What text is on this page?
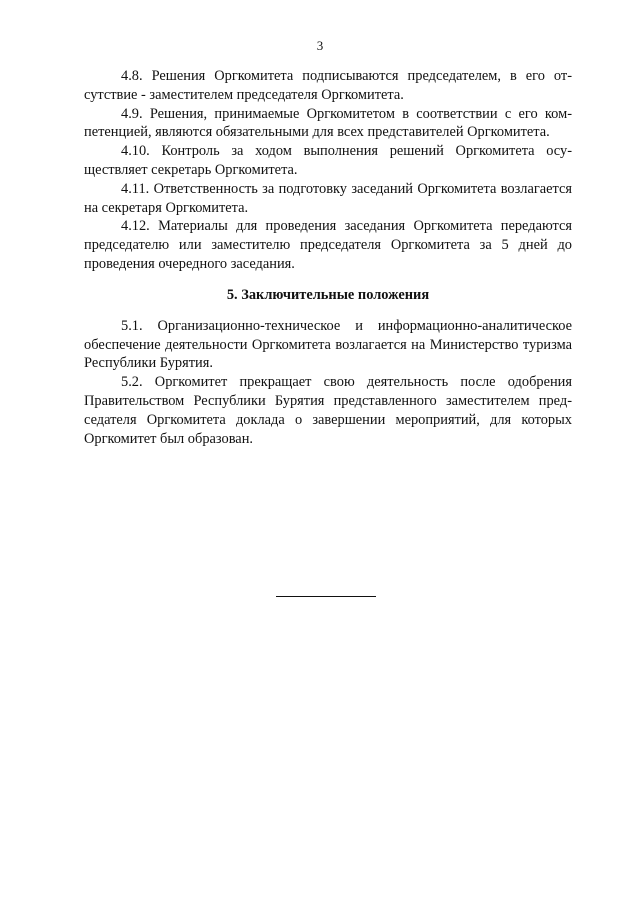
3

4.8. Решения Оргкомитета подписываются председателем, в его отсутствие - заместителем председателя Оргкомитета.

4.9. Решения, принимаемые Оргкомитетом в соответствии с его компетенцией, являются обязательными для всех представителей Оргкомитета.

4.10. Контроль за ходом выполнения решений Оргкомитета осуществляет секретарь Оргкомитета.

4.11. Ответственность за подготовку заседаний Оргкомитета возлагается на секретаря Оргкомитета.

4.12. Материалы для проведения заседания Оргкомитета передаются председателю или заместителю председателя Оргкомитета за 5 дней до проведения очередного заседания.

5. Заключительные положения

5.1. Организационно-техническое и информационно-аналитическое обеспечение деятельности Оргкомитета возлагается на Министерство туризма Республики Бурятия.

5.2. Оргкомитет прекращает свою деятельность после одобрения Правительством Республики Бурятия представленного заместителем председателя Оргкомитета доклада о завершении мероприятий, для которых Оргкомитет был образован.
